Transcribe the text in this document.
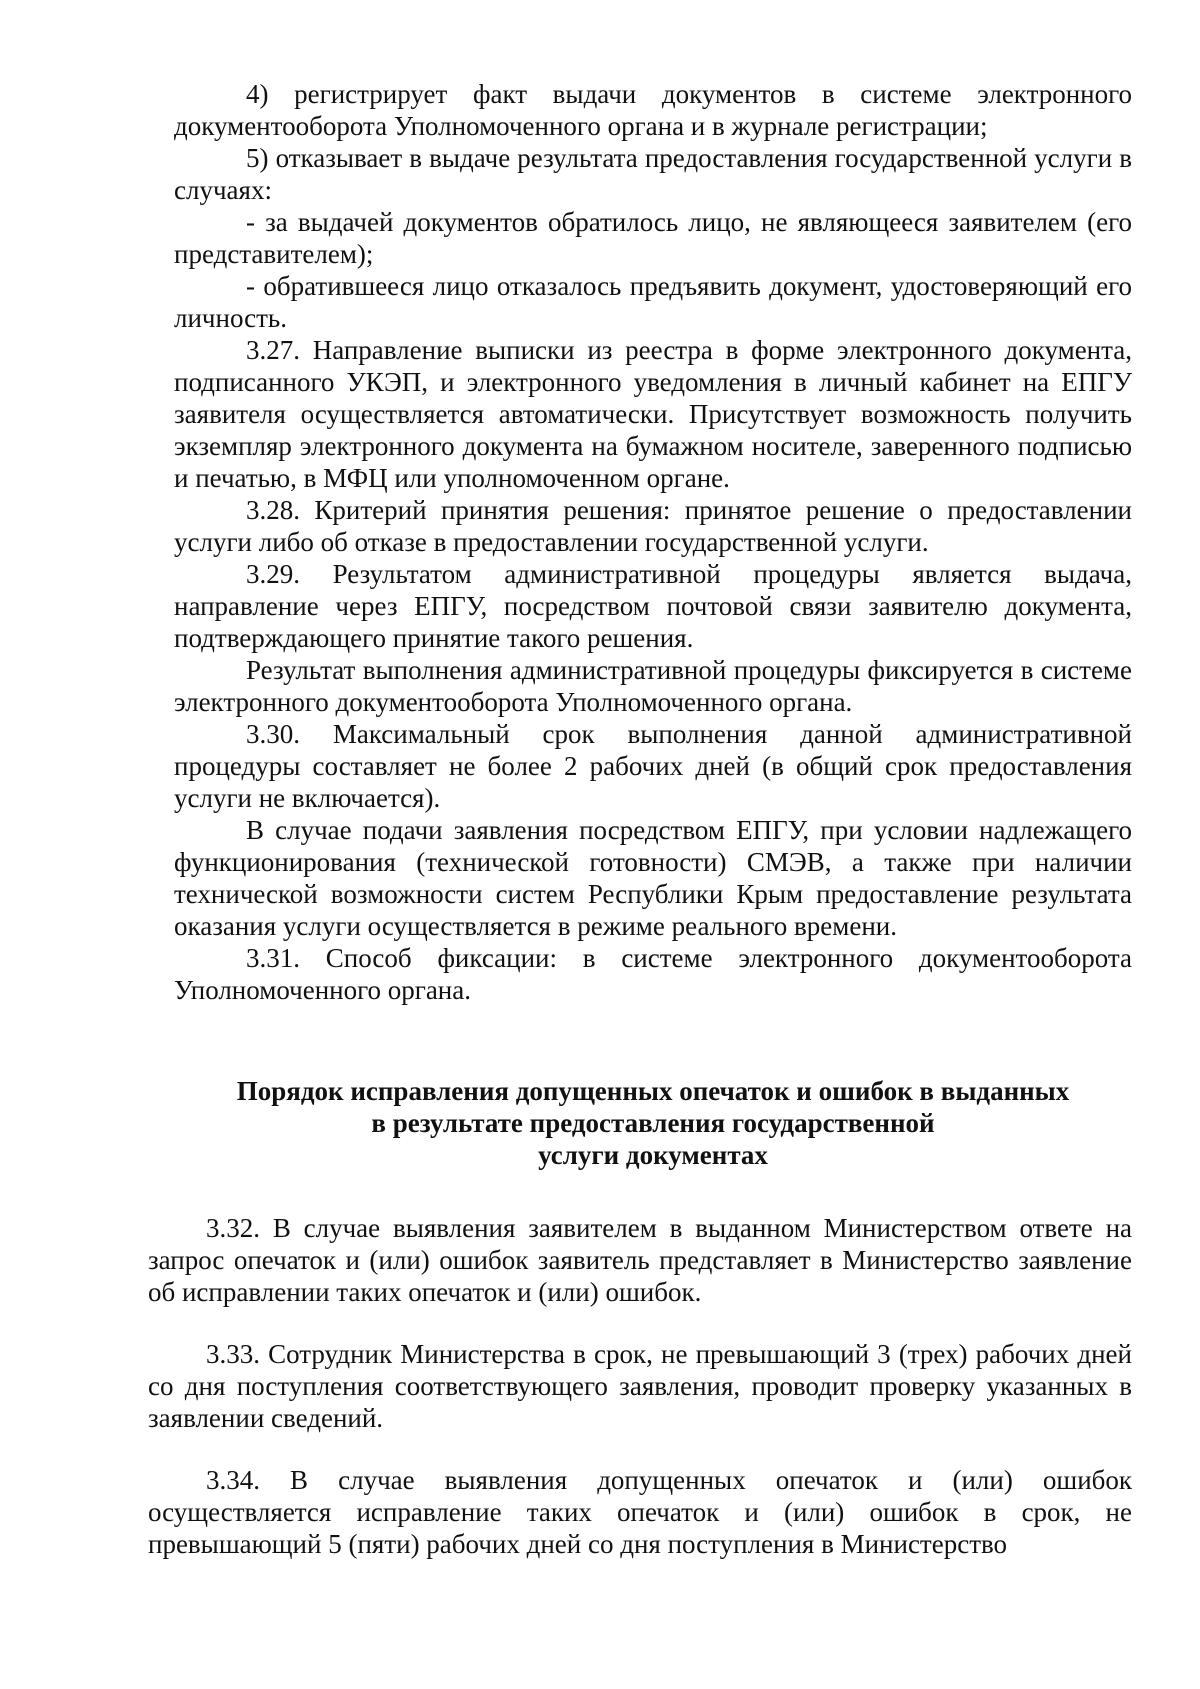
4) регистрирует факт выдачи документов в системе электронного документооборота Уполномоченного органа и в журнале регистрации;

5) отказывает в выдаче результата предоставления государственной услуги в случаях:

- за выдачей документов обратилось лицо, не являющееся заявителем (его представителем);

- обратившееся лицо отказалось предъявить документ, удостоверяющий его личность.

3.27. Направление выписки из реестра в форме электронного документа, подписанного УКЭП, и электронного уведомления в личный кабинет на ЕПГУ заявителя осуществляется автоматически. Присутствует возможность получить экземпляр электронного документа на бумажном носителе, заверенного подписью и печатью, в МФЦ или уполномоченном органе.

3.28. Критерий принятия решения: принятое решение о предоставлении услуги либо об отказе в предоставлении государственной услуги.

3.29. Результатом административной процедуры является выдача, направление через ЕПГУ, посредством почтовой связи заявителю документа, подтверждающего принятие такого решения.

Результат выполнения административной процедуры фиксируется в системе электронного документооборота Уполномоченного органа.

3.30. Максимальный срок выполнения данной административной процедуры составляет не более 2 рабочих дней (в общий срок предоставления услуги не включается).

В случае подачи заявления посредством ЕПГУ, при условии надлежащего функционирования (технической готовности) СМЭВ, а также при наличии технической возможности систем Республики Крым предоставление результата оказания услуги осуществляется в режиме реального времени.

3.31. Способ фиксации: в системе электронного документооборота Уполномоченного органа.

Порядок исправления допущенных опечаток и ошибок в выданных
в результате предоставления государственной
услуги документах

3.32. В случае выявления заявителем в выданном Министерством ответе на запрос опечаток и (или) ошибок заявитель представляет в Министерство заявление об исправлении таких опечаток и (или) ошибок.

3.33. Сотрудник Министерства в срок, не превышающий 3 (трех) рабочих дней со дня поступления соответствующего заявления, проводит проверку указанных в заявлении сведений.

3.34. В случае выявления допущенных опечаток и (или) ошибок осуществляется исправление таких опечаток и (или) ошибок в срок, не превышающий 5 (пяти) рабочих дней со дня поступления в Министерство
